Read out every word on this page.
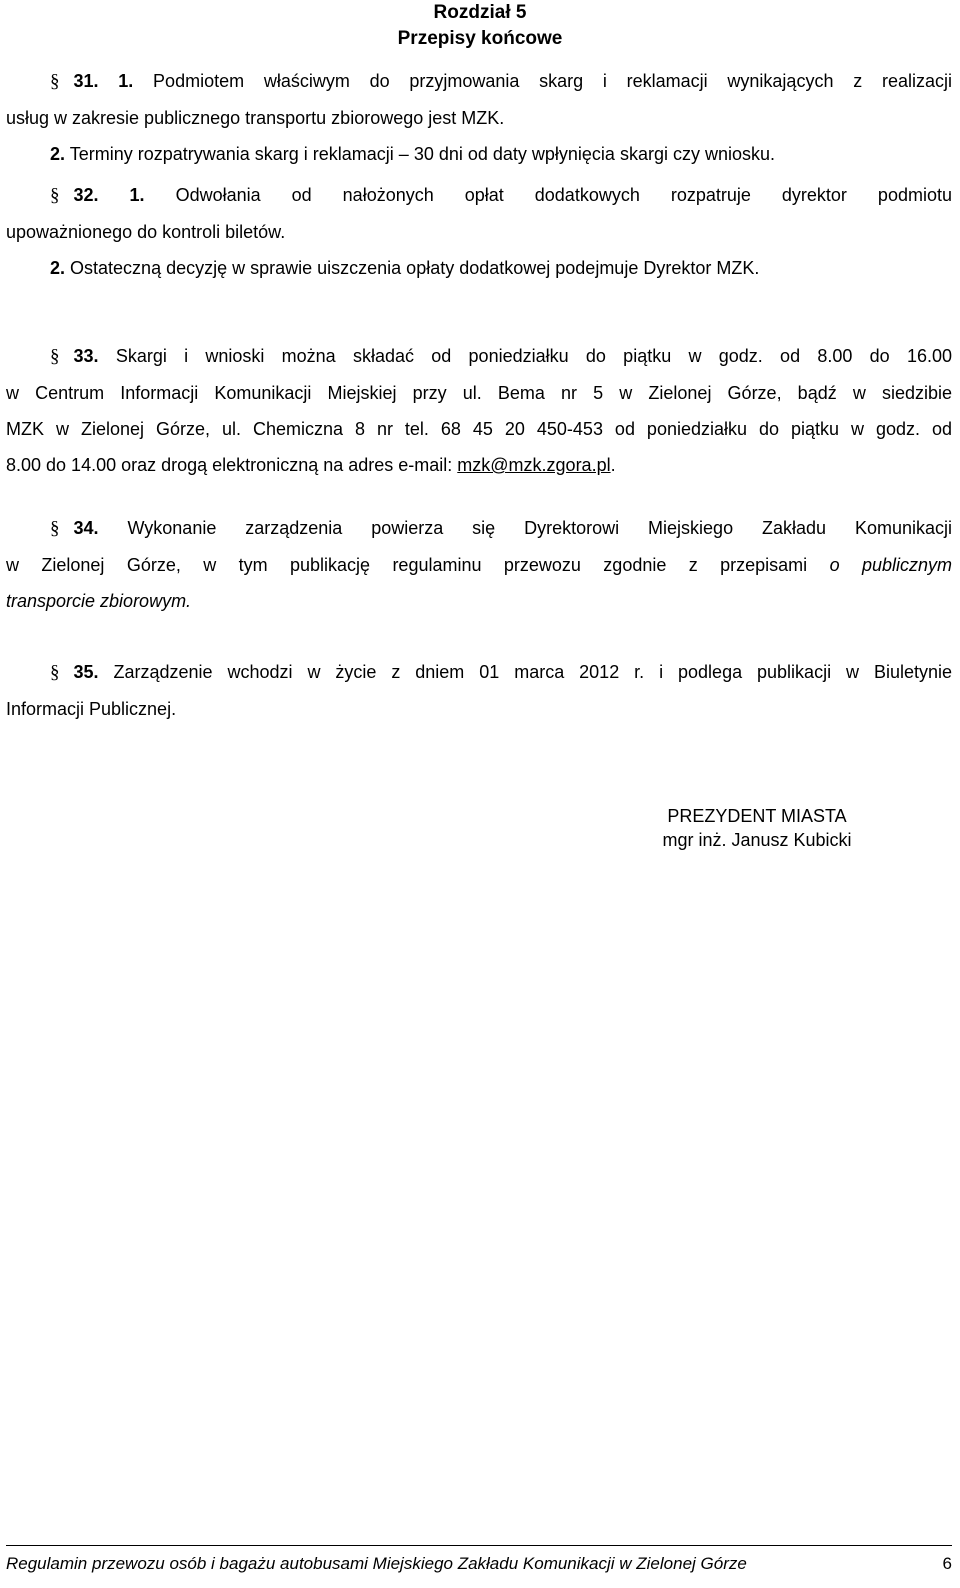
Rozdział 5
Przepisy końcowe
§ 31. 1. Podmiotem właściwym do przyjmowania skarg i reklamacji wynikających z realizacji
usług w zakresie publicznego transportu zbiorowego jest MZK.
2. Terminy rozpatrywania skarg i reklamacji – 30 dni od daty wpłynięcia skargi czy wniosku.
§ 32. 1. Odwołania od nałożonych opłat dodatkowych rozpatruje dyrektor podmiotu
upoważnionego do kontroli biletów.
2. Ostateczną decyzję w sprawie uiszczenia opłaty dodatkowej podejmuje Dyrektor MZK.
§ 33. Skargi i wnioski można składać od poniedziałku do piątku w godz. od 8.00 do 16.00
w Centrum Informacji Komunikacji Miejskiej przy ul. Bema nr 5 w Zielonej Górze, bądź w siedzibie
MZK w Zielonej Górze, ul. Chemiczna 8 nr tel. 68 45 20 450-453 od poniedziałku do piątku w godz. od
8.00 do 14.00 oraz drogą elektroniczną na adres e-mail: mzk@mzk.zgora.pl.
§ 34. Wykonanie zarządzenia powierza się Dyrektorowi Miejskiego Zakładu Komunikacji
w Zielonej Górze, w tym publikację regulaminu przewozu zgodnie z przepisami o publicznym
transporcie zbiorowym.
§ 35. Zarządzenie wchodzi w życie z dniem 01 marca 2012 r. i podlega publikacji w Biuletynie
Informacji Publicznej.
PREZYDENT MIASTA
mgr inż. Janusz Kubicki
Regulamin przewozu osób i bagażu autobusami Miejskiego Zakładu Komunikacji w Zielonej Górze	6
